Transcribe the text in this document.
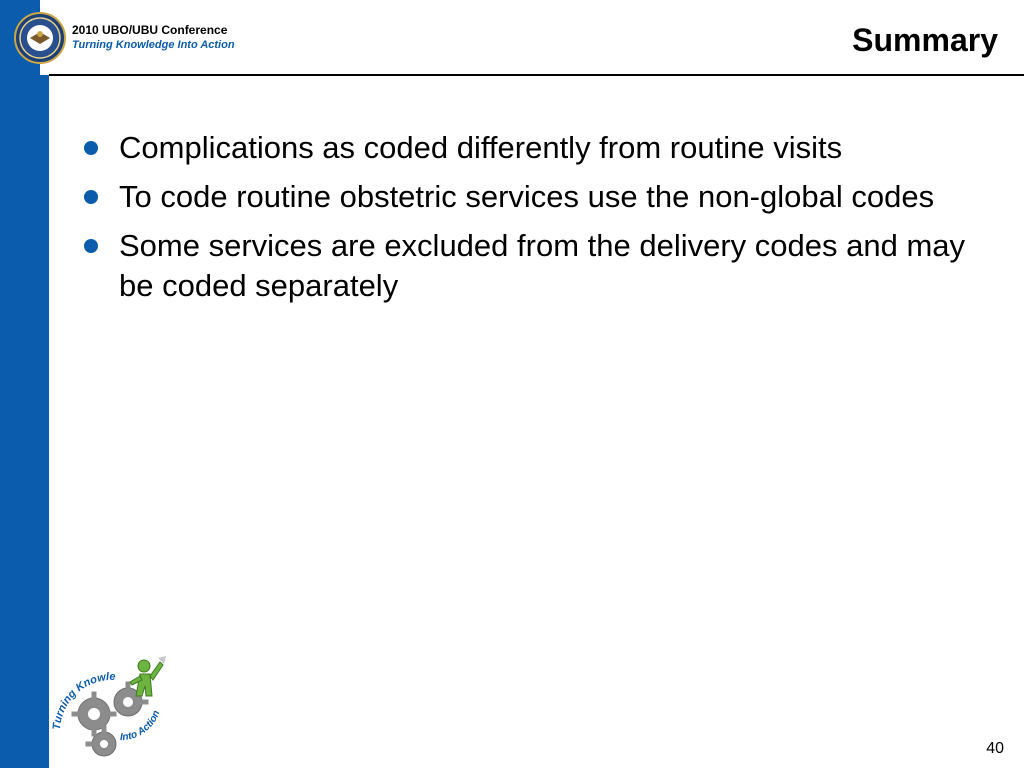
2010 UBO/UBU Conference

Turning Knowledge Into Action	Summary
Complications as coded differently from routine visits
To code routine obstetric services use the non-global codes
Some services are excluded from the delivery codes and may be coded separately
Turning Knowle
Into Action
40
